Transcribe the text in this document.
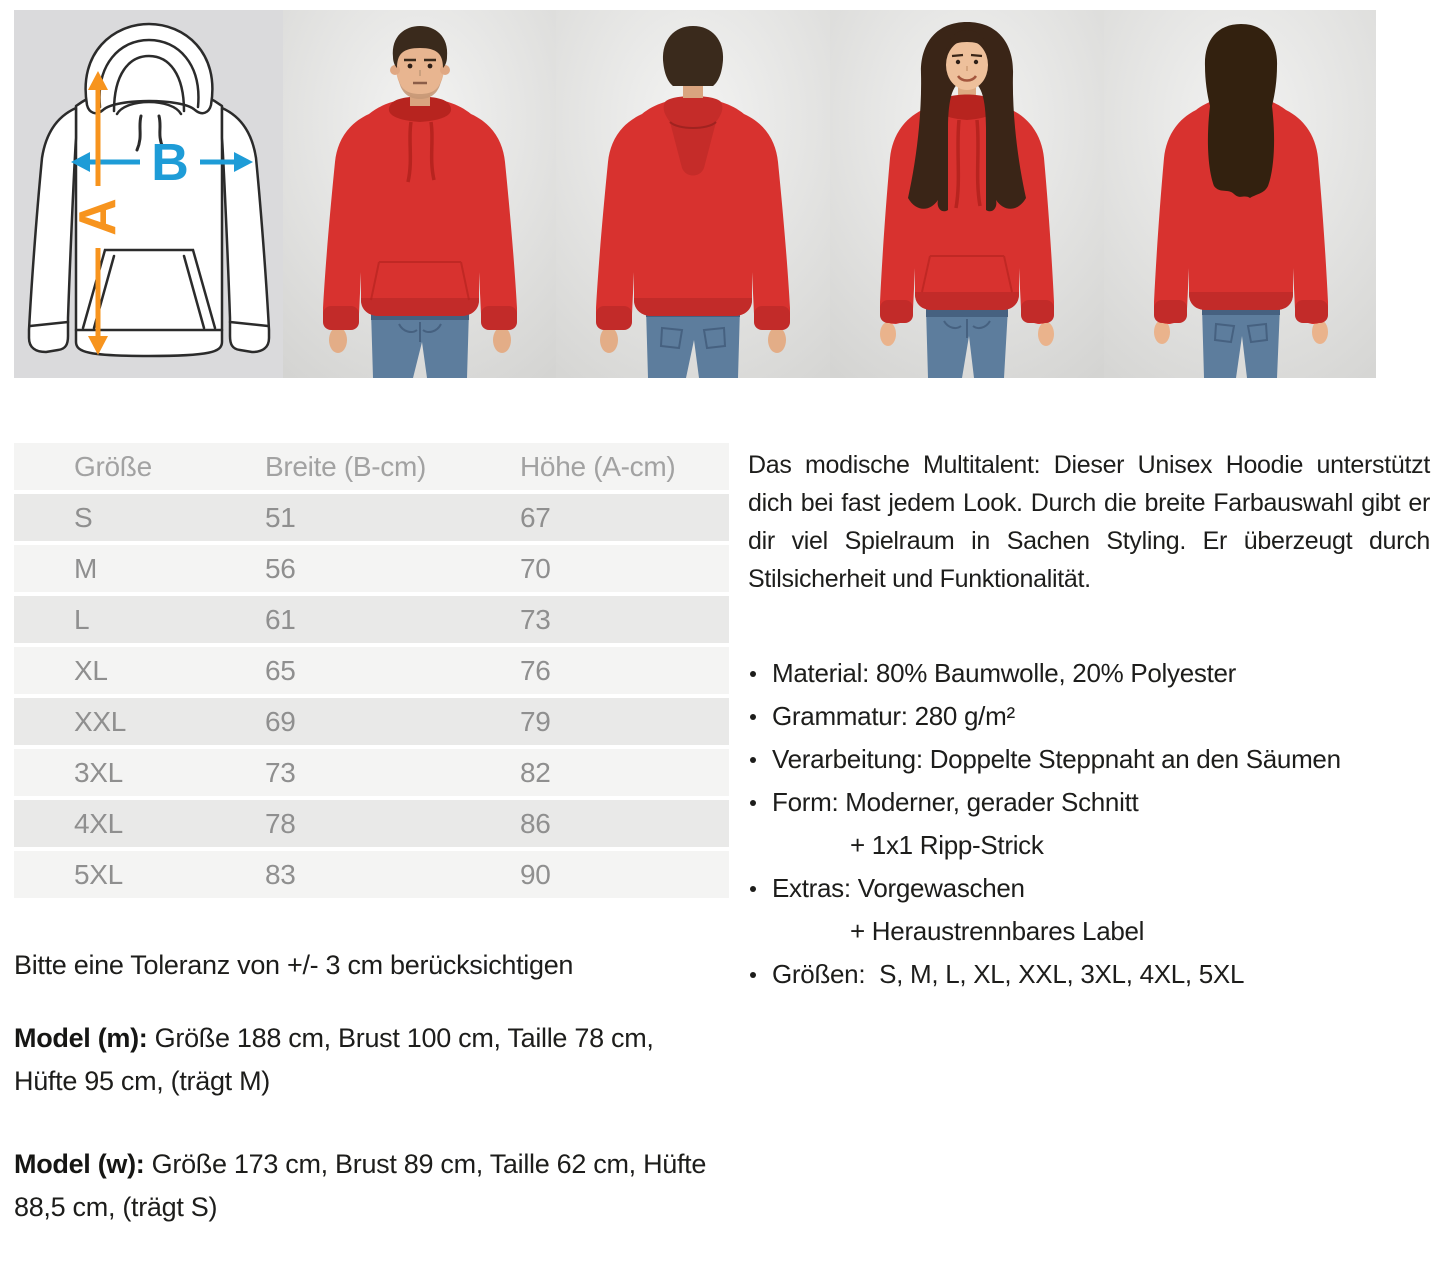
B
A
Größe	Breite (B-cm)	Höhe (A-cm)
S	51	67
M	56	70
L	61	73
XL	65	76
XXL	69	79
3XL	73	82
4XL	78	86
5XL	83	90

Bitte eine Toleranz von +/- 3 cm berücksichtigen

Model (m): Größe 188 cm, Brust 100 cm, Taille 78 cm, Hüfte 95 cm, (trägt M)

Model (w): Größe 173 cm, Brust 89 cm, Taille 62 cm, Hüfte 88,5 cm, (trägt S)

Das modische Multitalent: Dieser Unisex Hoodie unterstützt dich bei fast jedem Look. Durch die breite Farbauswahl gibt er dir viel Spielraum in Sachen Styling. Er überzeugt durch Stilsicherheit und Funktionalität.

Material: 80% Baumwolle, 20% Polyester
Grammatur: 280 g/m²
Verarbeitung: Doppelte Steppnaht an den Säumen
Form: Moderner, gerader Schnitt
+ 1x1 Ripp-Strick
Extras: Vorgewaschen
+ Heraustrennbares Label
Größen:  S, M, L, XL, XXL, 3XL, 4XL, 5XL
